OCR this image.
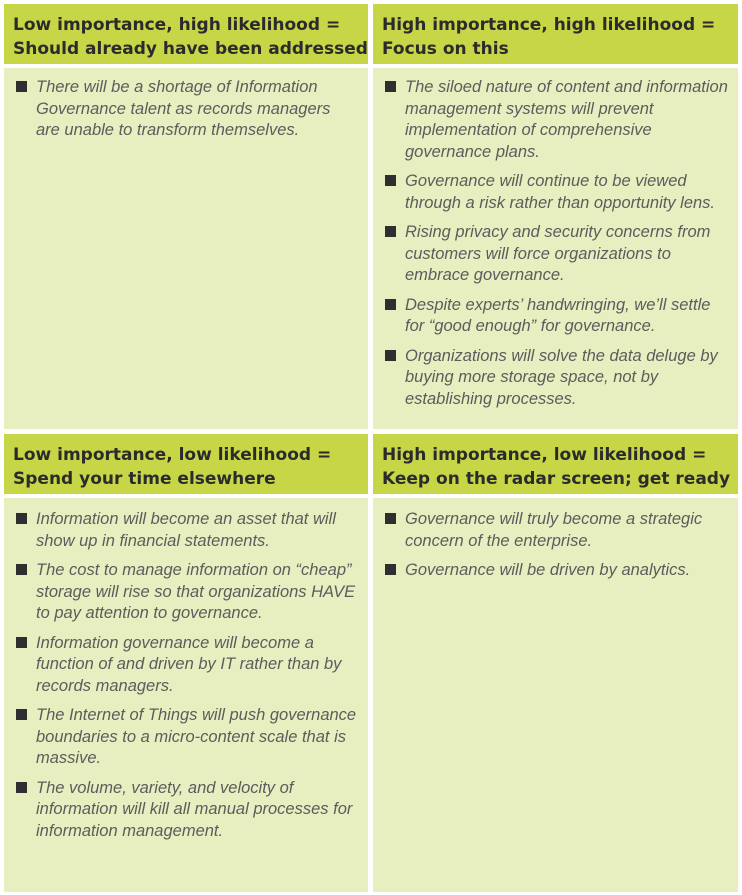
Low importance, high likelihood =
Should already have been addressed
There will be a shortage of Information Governance talent as records managers are unable to transform themselves.
High importance, high likelihood =
Focus on this
The siloed nature of content and information management systems will prevent implementation of comprehensive governance plans.
Governance will continue to be viewed through a risk rather than opportunity lens.
Rising privacy and security concerns from customers will force organizations to embrace governance.
Despite experts’ handwringing, we’ll settle for “good enough” for governance.
Organizations will solve the data deluge by buying more storage space, not by establishing processes.
Low importance, low likelihood =
Spend your time elsewhere
Information will become an asset that will show up in financial statements.
The cost to manage information on “cheap” storage will rise so that organizations HAVE to pay attention to governance.
Information governance will become a function of and driven by IT rather than by records managers.
The Internet of Things will push governance boundaries to a micro-content scale that is massive.
The volume, variety, and velocity of information will kill all manual processes for information management.
High importance, low likelihood =
Keep on the radar screen; get ready
Governance will truly become a strategic concern of the enterprise.
Governance will be driven by analytics.
